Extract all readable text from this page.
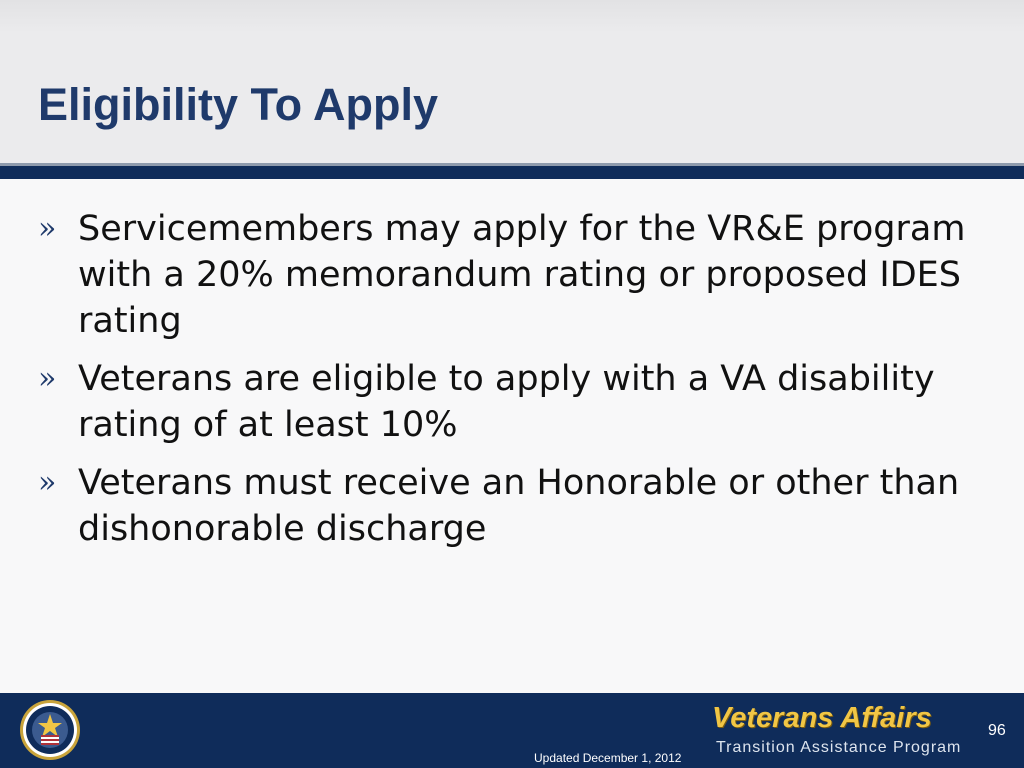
Eligibility To Apply
» Servicemembers may apply for the VR&E program with a 20% memorandum rating or proposed IDES rating
» Veterans are eligible to apply with a VA disability rating of at least 10%
» Veterans must receive an Honorable or other than dishonorable discharge
Veterans Affairs
Transition Assistance Program
96
Updated December 1, 2012
